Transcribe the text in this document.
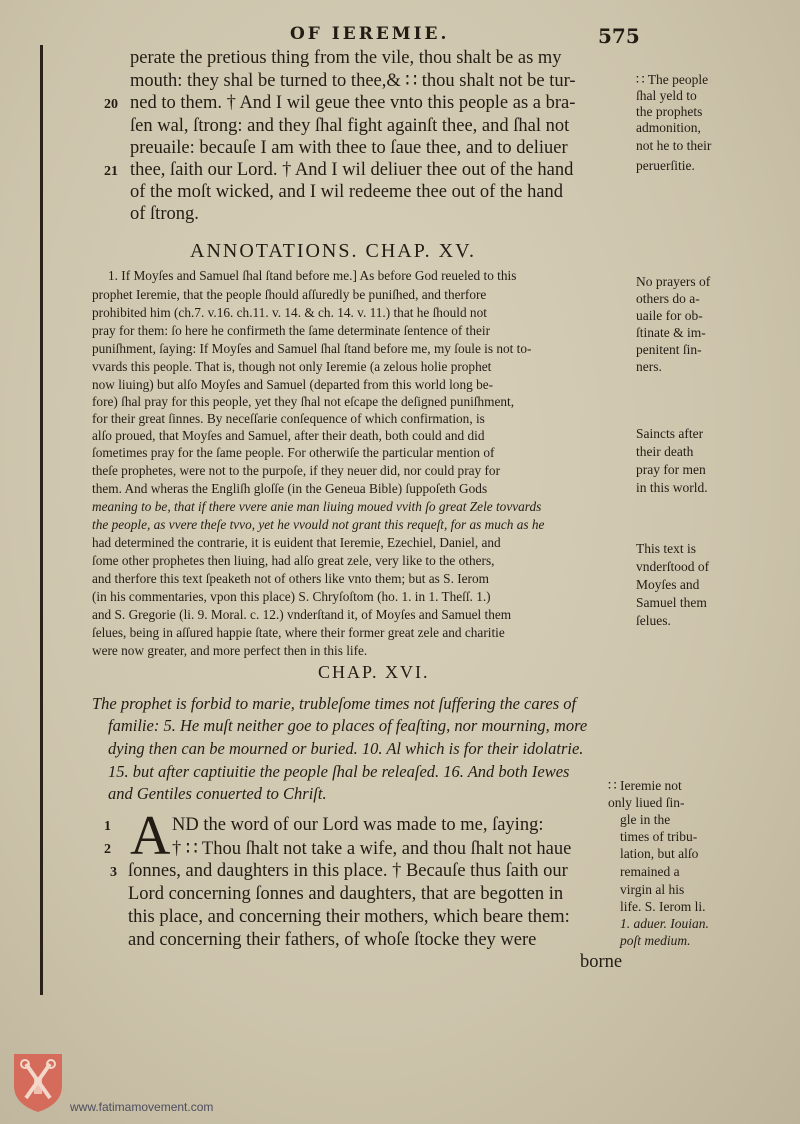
OF IEREMIE.	575
perate the pretious thing from the vile, thou shalt be as my
mouth: they shal be turned to thee,& ∷ thou shalt not be tur-
ned to them. † And I wil geue thee vnto this people as a bra-
ſen wal, ſtrong: and they ſhal fight againſt thee, and ſhal not
preuaile: becauſe I am with thee to ſaue thee, and to deliuer
thee, ſaith our Lord. † And I wil deliuer thee out of the hand
of the moſt wicked, and I wil redeeme thee out of the hand
of ſtrong.
20
21
∷ The people
ſhal yeld to
the prophets
admonition,
not he to their
peruerſitie.
ANNOTATIONS. CHAP. XV.
1. If Moyſes and Samuel ſhal ſtand before me.] As before God reueled to this
prophet Ieremie, that the people ſhould aſſuredly be puniſhed, and therfore
prohibited him (ch.7. v.16. ch.11. v. 14. & ch. 14. v. 11.) that he ſhould not
pray for them: ſo here he confirmeth the ſame determinate ſentence of their
puniſhment, ſaying: If Moyſes and Samuel ſhal ſtand before me, my ſoule is not to-
vvards this people. That is, though not only Ieremie (a zelous holie prophet
now liuing) but alſo Moyſes and Samuel (departed from this world long be-
fore) ſhal pray for this people, yet they ſhal not eſcape the deſigned puniſhment,
for their great ſinnes. By neceſſarie conſequence of which confirmation, is
alſo proued, that Moyſes and Samuel, after their death, both could and did
ſometimes pray for the ſame people. For otherwiſe the particular mention of
theſe prophetes, were not to the purpoſe, if they neuer did, nor could pray for
them. And wheras the Engliſh gloſſe (in the Geneua Bible) ſuppoſeth Gods
meaning to be, that if there vvere aniе man liuing moued vvith ſo great Zele tovvards
the people, as vvere theſe tvvo, yet he vvould not grant this requeſt, for as much as he
had determined the contrarie, it is euident that Ieremie, Ezechiel, Daniel, and
ſome other prophetes then liuing, had alſo great zele, very like to the others,
and therfore this text ſpeaketh not of others like vnto them; but as S. Ierom
(in his commentaries, vpon this place) S. Chryſoſtom (ho. 1. in 1. Theſſ. 1.)
and S. Gregorie (li. 9. Moral. c. 12.) vnderſtand it, of Moyſes and Samuel them
ſelues, being in aſſured happie ſtate, where their former great zele and charitie
were now greater, and more perfect then in this life.
No prayers of
others do a-
uaile for ob-
ſtinate & im-
penitent ſin-
ners.
Saincts after
their death
pray for men
in this world.
This text is
vnderſtood of
Moyſes and
Samuel them
ſelues.
CHAP. XVI.
The prophet is forbid to marie, trubleſome times not ſuffering the cares of
familie: 5. He muſt neither goe to places of feaſting, nor mourning, more
dying then can be mourned or buried. 10. Al which is for their idolatrie.
15. but after captiuitie the people ſhal be releaſed. 16. And both Iewes
and Gentiles conuerted to Chriſt.
A ND the word of our Lord was made to me, ſaying:
† ∷ Thou ſhalt not take a wife, and thou ſhalt not haue
ſonnes, and daughters in this place. † Becauſe thus ſaith our
Lord concerning ſonnes and daughters, that are begotten in
this place, and concerning their mothers, which beare them:
and concerning their fathers, of whoſe ſtocke they were
borne
1
2
3
∷ Ieremie not
only liued ſin-
gle in the
times of tribu-
lation, but alſo
remained a
virgin al his
life. S. Ierom li.
1. aduer. Iouian.
poſt medium.
www.fatimamovement.com
